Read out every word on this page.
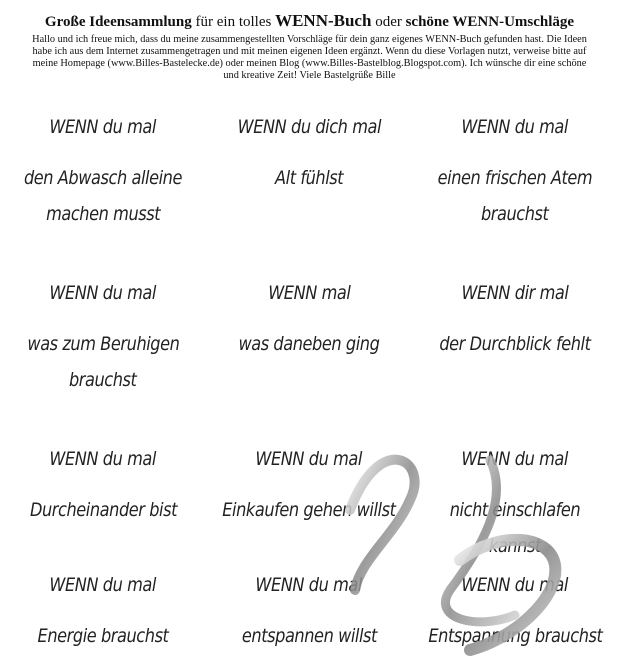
Große Ideensammlung für ein tolles WENN-Buch oder schöne WENN-Umschläge
Hallo und ich freue mich, dass du meine zusammengestellten Vorschläge für dein ganz eigenes WENN-Buch gefunden hast. Die Ideen habe ich aus dem Internet zusammengetragen und mit meinen eigenen Ideen ergänzt. Wenn du diese Vorlagen nutzt, verweise bitte auf meine Homepage (www.Billes-Bastelecke.de) oder meinen Blog (www.Billes-Bastelblog.Blogspot.com). Ich wünsche dir eine schöne und kreative Zeit! Viele Bastelgrüße Bille
WENN du mal
den Abwasch alleine
machen musst
WENN du dich mal
Alt fühlst
WENN du mal
einen frischen Atem
brauchst
WENN du mal
was zum Beruhigen
brauchst
WENN mal
was daneben ging
WENN dir mal
der Durchblick fehlt
WENN du mal
Durcheinander bist
WENN du mal
Einkaufen gehen willst
WENN du mal
nicht einschlafen kannst
WENN du mal
Energie brauchst
WENN du mal
entspannen willst
WENN du mal
Entspannung brauchst
